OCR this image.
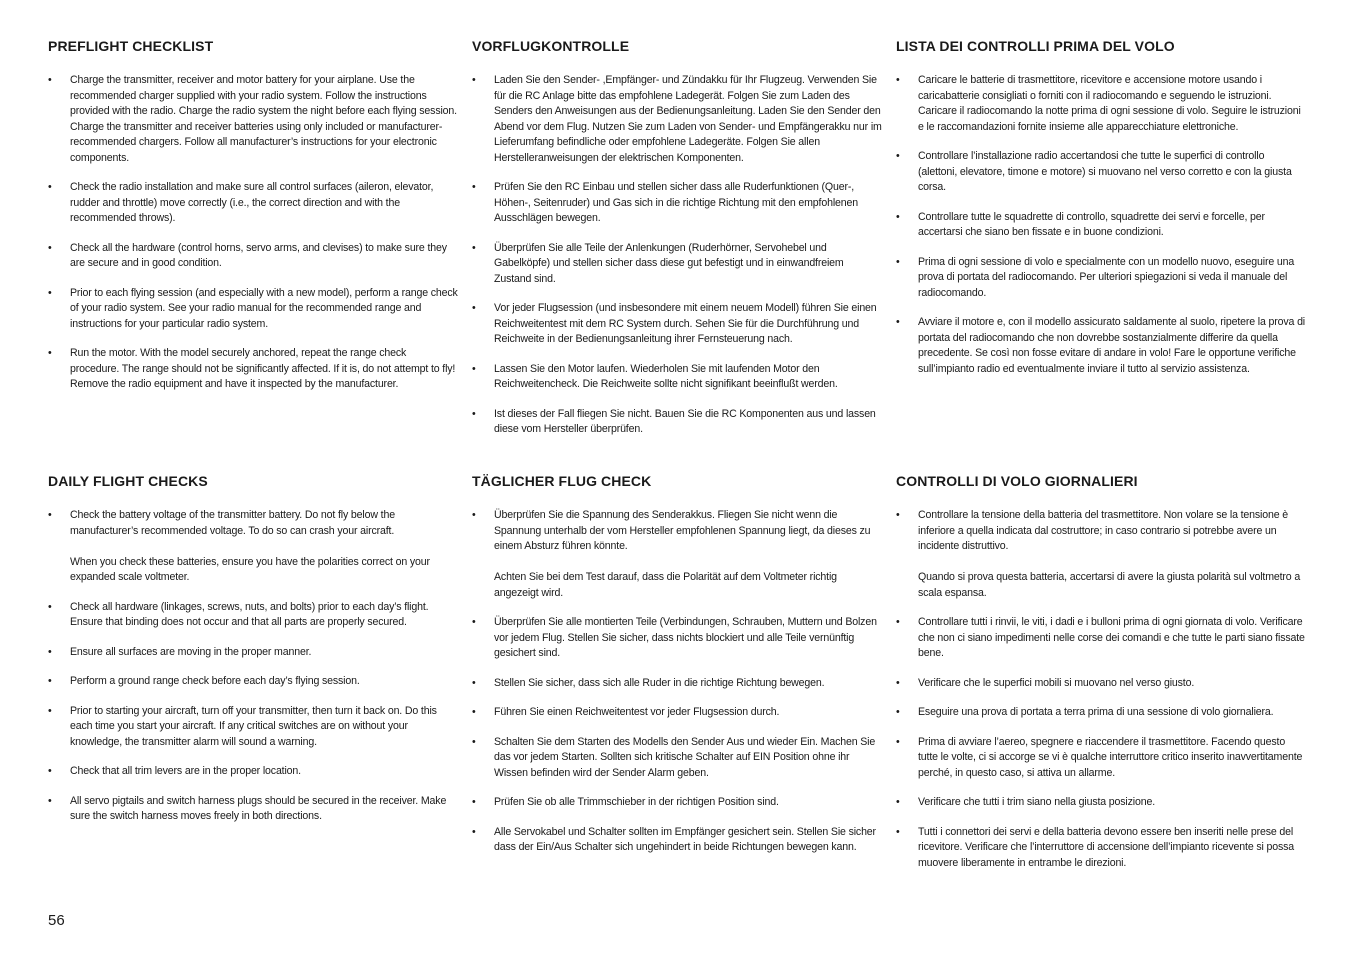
PREFLIGHT CHECKLIST
• Charge the transmitter, receiver and motor battery for your airplane. Use the recommended charger supplied with your radio system. Follow the instructions provided with the radio. Charge the radio system the night before each flying session. Charge the transmitter and receiver batteries using only included or manufacturer-recommended chargers. Follow all manufacturer’s instructions for your electronic components.

• Check the radio installation and make sure all control surfaces (aileron, elevator, rudder and throttle) move correctly (i.e., the correct direction and with the recommended throws).

• Check all the hardware (control horns, servo arms, and clevises) to make sure they are secure and in good condition.

• Prior to each flying session (and especially with a new model), perform a range check of your radio system. See your radio manual for the recommended range and instructions for your particular radio system.

• Run the motor. With the model securely anchored, repeat the range check procedure. The range should not be significantly affected. If it is, do not attempt to fly! Remove the radio equipment and have it inspected by the manufacturer.

VORFLUGKONTROLLE
• Laden Sie den Sender- ,Empfänger- und Zündakku für Ihr Flugzeug. Verwenden Sie für die RC Anlage bitte das empfohlene Ladegerät. Folgen Sie zum Laden des Senders den Anweisungen aus der Bedienungsanleitung. Laden Sie den Sender den Abend vor dem Flug. Nutzen Sie zum Laden von Sender- und Empfängerakku nur im Lieferumfang befindliche oder empfohlene Ladegeräte. Folgen Sie allen Herstelleranweisungen der elektrischen Komponenten.

• Prüfen Sie den RC Einbau und stellen sicher dass alle Ruderfunktionen (Quer-, Höhen-, Seitenruder) und Gas sich in die richtige Richtung mit den empfohlenen Ausschlägen bewegen.

• Überprüfen Sie alle Teile der Anlenkungen (Ruderhörner, Servohebel und Gabelköpfe) und stellen sicher dass diese gut befestigt und in einwandfreiem Zustand sind.

• Vor jeder Flugsession (und insbesondere mit einem neuem Modell) führen Sie einen Reichweitentest mit dem RC System durch. Sehen Sie für die Durchführung und Reichweite in der Bedienungsanleitung ihrer Fernsteuerung nach.

• Lassen Sie den Motor laufen. Wiederholen Sie mit laufenden Motor den Reichweitencheck. Die Reichweite sollte nicht signifikant beeinflußt werden.

• Ist dieses der Fall fliegen Sie nicht. Bauen Sie die RC Komponenten aus und lassen diese vom Hersteller überprüfen.

LISTA DEI CONTROLLI PRIMA DEL VOLO
• Caricare le batterie di trasmettitore, ricevitore e accensione motore usando i caricabatterie consigliati o forniti con il radiocomando e seguendo le istruzioni. Caricare il radiocomando la notte prima di ogni sessione di volo. Seguire le istruzioni e le raccomandazioni fornite insieme alle apparecchiature elettroniche.

• Controllare l’installazione radio accertandosi che tutte le superfici di controllo (alettoni, elevatore, timone e motore) si muovano nel verso corretto e con la giusta corsa.

• Controllare tutte le squadrette di controllo, squadrette dei servi e forcelle, per accertarsi che siano ben fissate e in buone condizioni.

• Prima di ogni sessione di volo e specialmente con un modello nuovo, eseguire una prova di portata del radiocomando. Per ulteriori spiegazioni si veda il manuale del radiocomando.

• Avviare il motore e, con il modello assicurato saldamente al suolo, ripetere la prova di portata del radiocomando che non dovrebbe sostanzialmente differire da quella precedente. Se così non fosse evitare di andare in volo! Fare le opportune verifiche sull’impianto radio ed eventualmente inviare il tutto al servizio assistenza.

DAILY FLIGHT CHECKS
• Check the battery voltage of the transmitter battery. Do not fly below the manufacturer’s recommended voltage. To do so can crash your aircraft.

When you check these batteries, ensure you have the polarities correct on your expanded scale voltmeter.

• Check all hardware (linkages, screws, nuts, and bolts) prior to each day’s flight. Ensure that binding does not occur and that all parts are properly secured.

• Ensure all surfaces are moving in the proper manner.

• Perform a ground range check before each day’s flying session.

• Prior to starting your aircraft, turn off your transmitter, then turn it back on. Do this each time you start your aircraft. If any critical switches are on without your knowledge, the transmitter alarm will sound a warning.

• Check that all trim levers are in the proper location.

• All servo pigtails and switch harness plugs should be secured in the receiver. Make sure the switch harness moves freely in both directions.

TÄGLICHER FLUG CHECK
• Überprüfen Sie die Spannung des Senderakkus. Fliegen Sie nicht wenn die Spannung unterhalb der vom Hersteller empfohlenen Spannung liegt, da dieses zu einem Absturz führen könnte.

Achten Sie bei dem Test darauf, dass die Polarität auf dem Voltmeter richtig angezeigt wird.

• Überprüfen Sie alle montierten Teile (Verbindungen, Schrauben, Muttern und Bolzen vor jedem Flug. Stellen Sie sicher, dass nichts blockiert und alle Teile vernünftig gesichert sind.

• Stellen Sie sicher, dass sich alle Ruder in die richtige Richtung bewegen.

• Führen Sie einen Reichweitentest vor jeder Flugsession durch.

• Schalten Sie dem Starten des Modells den Sender Aus und wieder Ein. Machen Sie das vor jedem Starten. Sollten sich kritische Schalter auf EIN Position ohne ihr Wissen befinden wird der Sender Alarm geben.

• Prüfen Sie ob alle Trimmschieber in der richtigen Position sind.

• Alle Servokabel und Schalter sollten im Empfänger gesichert sein. Stellen Sie sicher dass der Ein/Aus Schalter sich ungehindert in beide Richtungen bewegen kann.

CONTROLLI DI VOLO GIORNALIERI
• Controllare la tensione della batteria del trasmettitore. Non volare se la tensione è inferiore a quella indicata dal costruttore; in caso contrario si potrebbe avere un incidente distruttivo.

Quando si prova questa batteria, accertarsi di avere la giusta polarità sul voltmetro a scala espansa.

• Controllare tutti i rinvii, le viti, i dadi e i bulloni prima di ogni giornata di volo. Verificare che non ci siano impedimenti nelle corse dei comandi e che tutte le parti siano fissate bene.

• Verificare che le superfici mobili si muovano nel verso giusto.

• Eseguire una prova di portata a terra prima di una sessione di volo giornaliera.

• Prima di avviare l’aereo, spegnere e riaccendere il trasmettitore. Facendo questo tutte le volte, ci si accorge se vi è qualche interruttore critico inserito inavvertitamente perché, in questo caso, si attiva un allarme.

• Verificare che tutti i trim siano nella giusta posizione.

• Tutti i connettori dei servi e della batteria devono essere ben inseriti nelle prese del ricevitore. Verificare che l’interruttore di accensione dell’impianto ricevente si possa muovere liberamente in entrambe le direzioni.

56
